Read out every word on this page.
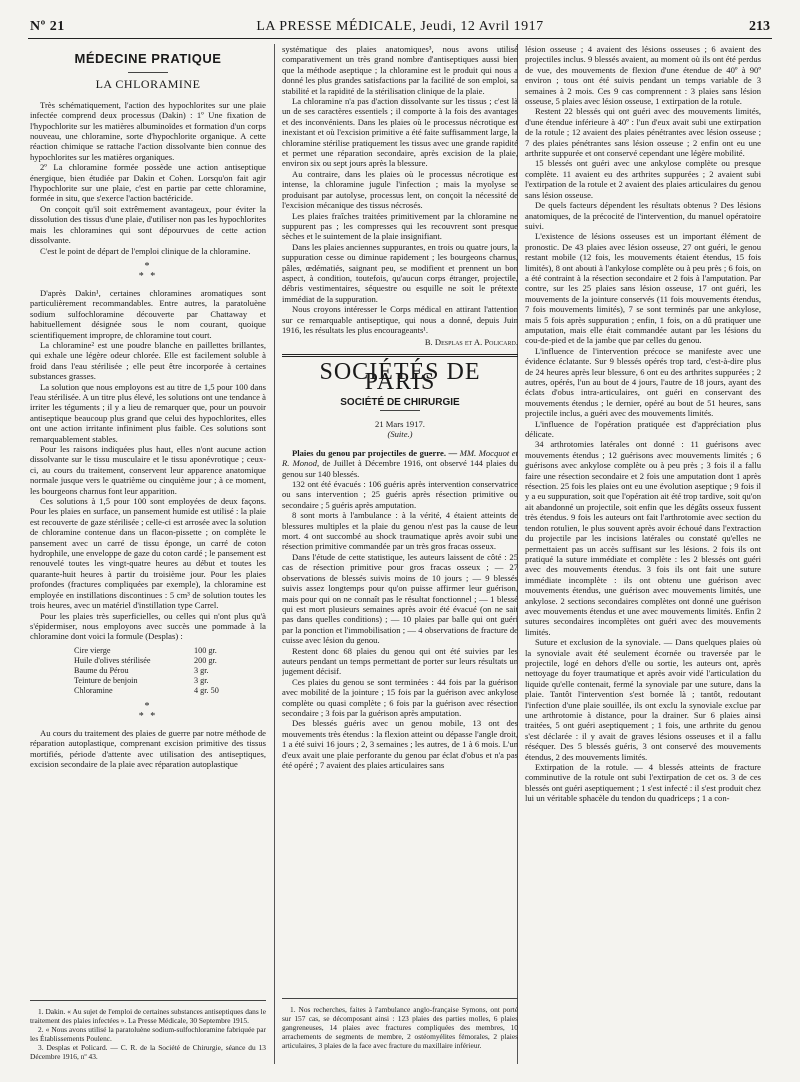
Nº 21	LA PRESSE MÉDICALE, Jeudi, 12 Avril 1917	213
MÉDECINE PRATIQUE
LA CHLORAMINE

Très schématiquement, l'action des hypochlorites sur une plaie infectée comprend deux processus (Dakin) : 1º Une fixation de l'hypochlorite sur les matières albuminoïdes et formation d'un corps nouveau, une chloramine, sorte d'hypochlorite organique. A cette réaction chimique se rattache l'action dissolvante bien connue des hypochlorites sur les matières organiques.

2º La chloramine formée possède une action antiseptique énergique, bien étudiée par Dakin et Cohen. Lorsqu'on fait agir l'hypochlorite sur une plaie, c'est en partie par cette chloramine, formée in situ, que s'exerce l'action bactéricide.

On conçoit qu'il soit extrêmement avantageux, pour éviter la dissolution des tissus d'une plaie, d'utiliser non pas les hypochlorites mais les chloramines qui sont dépourvues de cette action dissolvante.

C'est le point de départ de l'emploi clinique de la chloramine.

*
* *

D'après Dakin¹, certaines chloramines aromatiques sont particulièrement recommandables. Entre autres, la paratoluène sodium sulfochloramine découverte par Chattaway et habituellement désignée sous le nom courant, quoique scientifiquement impropre, de chloramine tout court.

La chloramine² est une poudre blanche en paillettes brillantes, qui exhale une légère odeur chlorée. Elle est facilement soluble à froid dans l'eau stérilisée ; elle peut être incorporée à certaines substances grasses.

La solution que nous employons est au titre de 1,5 pour 100 dans l'eau stérilisée. A un titre plus élevé, les solutions ont une tendance à irriter les téguments ; il y a lieu de remarquer que, pour un pouvoir antiseptique beaucoup plus grand que celui des hypochlorites, elles ont une action irritante infiniment plus faible. Ces solutions sont remarquablement stables.

Pour les raisons indiquées plus haut, elles n'ont aucune action dissolvante sur le tissu musculaire et le tissu aponévrotique ; ceux-ci, au cours du traitement, conservent leur apparence anatomique normale jusque vers le quatrième ou cinquième jour ; à ce moment, les bourgeons charnus font leur apparition.

Ces solutions à 1,5 pour 100 sont employées de deux façons. Pour les plaies en surface, un pansement humide est utilisé : la plaie est recouverte de gaze stérilisée ; celle-ci est arrosée avec la solution de chloramine contenue dans un flacon-pissette ; on complète le pansement avec un carré de tissu éponge, un carré de coton hydrophile, une enveloppe de gaze du coton cardé ; le pansement est renouvelé toutes les vingt-quatre heures au début et toutes les quarante-huit heures à partir du troisième jour. Pour les plaies profondes (fractures compliquées par exemple), la chloramine est employée en instillations discontinues : 5 cm³ de solution toutes les trois heures, avec un matériel d'instillation type Carrel.

Pour les plaies très superficielles, ou celles qui n'ont plus qu'à s'épidermiser, nous employons avec succès une pommade à la chloramine dont voici la formule (Desplas) :

Cire vierge	100 gr.
Huile d'olives stérilisée	200 gr.
Baume du Pérou	3 gr.
Teinture de benjoin	3 gr.
Chloramine	4 gr. 50
*
* *

Au cours du traitement des plaies de guerre par notre méthode de réparation autoplastique, comprenant excision primitive des tissus mortifiés, période d'attente avec utilisation des antiseptiques, excision secondaire de la plaie avec réparation autoplastique

1. Dakin. « Au sujet de l'emploi de certaines substances antiseptiques dans le traitement des plaies infectées ». La Presse Médicale, 30 Septembre 1915.
2. « Nous avons utilisé la paratoluène sodium-sulfochloramine fabriquée par les Établissements Poulenc.
3. Desplas et Policard. — C. R. de la Société de Chirurgie, séance du 13 Décembre 1916, nº 43.

systématique des plaies anatomiques³, nous avons utilisé comparativement un très grand nombre d'antiseptiques aussi bien que la méthode aseptique ; la chloramine est le produit qui nous a donné les plus grandes satisfactions par la facilité de son emploi, sa stabilité et la rapidité de la stérilisation clinique de la plaie.

La chloramine n'a pas d'action dissolvante sur les tissus ; c'est là un de ses caractères essentiels ; il comporte à la fois des avantages et des inconvénients. Dans les plaies où le processus nécrotique est inexistant et où l'excision primitive a été faite suffisamment large, la chloramine stérilise pratiquement les tissus avec une grande rapidité et permet une réparation secondaire, après excision de la plaie, environ six ou sept jours après la blessure.

Au contraire, dans les plaies où le processus nécrotique est intense, la chloramine jugule l'infection ; mais la myolyse se produisant par autolyse, processus lent, on conçoit la nécessité de l'excision mécanique des tissus nécrosés.

Les plaies fraîches traitées primitivement par la chloramine ne suppurent pas ; les compresses qui les recouvrent sont presque sèches et le suintement de la plaie insignifiant.

Dans les plaies anciennes suppurantes, en trois ou quatre jours, la suppuration cesse ou diminue rapidement ; les bourgeons charnus, pâles, œdématiés, saignant peu, se modifient et prennent un bon aspect, à condition, toutefois, qu'aucun corps étranger, projectile, débris vestimentaires, séquestre ou esquille ne soit le prétexte immédiat de la suppuration.

Nous croyons intéresser le Corps médical en attirant l'attention sur ce remarquable antiseptique, qui nous a donné, depuis Juin 1916, les résultats les plus encourageants¹.

B. Desplas et A. Policard.
SOCIÉTÉS DE PARIS
SOCIÉTÉ DE CHIRURGIE
21 Mars 1917.
(Suite.)

Plaies du genou par projectiles de guerre. — MM. Mocquot et R. Monod, de Juillet à Décembre 1916, ont observé 144 plaies du genou sur 140 blessés.

132 ont été évacués : 106 guéris après intervention conservatrice ou sans intervention ; 25 guéris après résection primitive ou secondaire ; 5 guéris après amputation.

8 sont morts à l'ambulance : à la vérité, 4 étaient atteints de blessures multiples et la plaie du genou n'est pas la cause de leur mort. 4 ont succombé au shock traumatique après avoir subi une résection primitive commandée par un très gros fracas osseux.

Dans l'étude de cette statistique, les auteurs laissent de côté : 25 cas de résection primitive pour gros fracas osseux ; — 27 observations de blessés suivis moins de 10 jours ; — 9 blessés suivis assez longtemps pour qu'on puisse affirmer leur guérison, mais pour qui on ne connaît pas le résultat fonctionnel ; — 1 blessé qui est mort plusieurs semaines après avoir été évacué (on ne sait pas dans quelles conditions) ; — 10 plaies par balle qui ont guéri par la ponction et l'immobilisation ; — 4 observations de fracture de cuisse avec lésion du genou.

Restent donc 68 plaies du genou qui ont été suivies par les auteurs pendant un temps permettant de porter sur leurs résultats un jugement décisif.

Ces plaies du genou se sont terminées : 44 fois par la guérison avec mobilité de la jointure ; 15 fois par la guérison avec ankylose complète ou quasi complète ; 6 fois par la guérison avec résection secondaire ; 3 fois par la guérison après amputation.

Des blessés guéris avec un genou mobile, 13 ont des mouvements très étendus : la flexion atteint ou dépasse l'angle droit, 1 a été suivi 16 jours ; 2, 3 semaines ; les autres, de 1 à 6 mois. L'un d'eux avait une plaie perforante du genou par éclat d'obus et n'a pas été opéré ; 7 avaient des plaies articulaires sans

1. Nos recherches, faites à l'ambulance anglo-française Symons, ont porté sur 157 cas, se décomposant ainsi : 123 plaies des parties molles, 6 plaies gangreneuses, 14 plaies avec fractures compliquées des membres, 10 arrachements de segments de membre, 2 ostéomyélites fémorales, 2 plaies articulaires, 3 plaies de la face avec fracture du maxillaire inférieur.

lésion osseuse ; 4 avaient des lésions osseuses ; 6 avaient des projectiles inclus. 9 blessés avaient, au moment où ils ont été perdus de vue, des mouvements de flexion d'une étendue de 40º à 90º environ ; tous ont été suivis pendant un temps variable de 3 semaines à 2 mois. Ces 9 cas comprennent : 3 plaies sans lésion osseuse, 5 plaies avec lésion osseuse, 1 extirpation de la rotule.

Restent 22 blessés qui ont guéri avec des mouvements limités, d'une étendue inférieure à 40º : l'un d'eux avait subi une extirpation de la rotule ; 12 avaient des plaies pénétrantes avec lésion osseuse ; 7 des plaies pénétrantes sans lésion osseuse ; 2 enfin ont eu une arthrite suppurée et ont conservé cependant une légère mobilité.

15 blessés ont guéri avec une ankylose complète ou presque complète. 11 avaient eu des arthrites suppurées ; 2 avaient subi l'extirpation de la rotule et 2 avaient des plaies articulaires du genou sans lésion osseuse.

De quels facteurs dépendent les résultats obtenus ? Des lésions anatomiques, de la précocité de l'intervention, du manuel opératoire suivi.

L'existence de lésions osseuses est un important élément de pronostic. De 43 plaies avec lésion osseuse, 27 ont guéri, le genou restant mobile (12 fois, les mouvements étaient étendus, 15 fois limités), 8 ont abouti à l'ankylose complète ou à peu près ; 6 fois, on a été contraint à la résection secondaire et 2 fois à l'amputation. Par contre, sur les 25 plaies sans lésion osseuse, 17 ont guéri, les mouvements de la jointure conservés (11 fois mouvements étendus, 7 fois mouvements limités), 7 se sont terminés par une ankylose, mais 5 fois après suppuration ; enfin, 1 fois, on a dû pratiquer une amputation, mais elle était commandée autant par les lésions du cou-de-pied et de la jambe que par celles du genou.

L'influence de l'intervention précoce se manifeste avec une évidence éclatante. Sur 9 blessés opérés trop tard, c'est-à-dire plus de 24 heures après leur blessure, 6 ont eu des arthrites suppurées ; 2 autres, opérés, l'un au bout de 4 jours, l'autre de 18 jours, ayant des éclats d'obus intra-articulaires, ont guéri en conservant des mouvements étendus ; le dernier, opéré au bout de 51 heures, sans projectile inclus, a guéri avec des mouvements limités.

L'influence de l'opération pratiquée est d'appréciation plus délicate.

34 arthrotomies latérales ont donné : 11 guérisons avec mouvements étendus ; 12 guérisons avec mouvements limités ; 6 guérisons avec ankylose complète ou à peu près ; 3 fois il a fallu faire une résection secondaire et 2 fois une amputation dont 1 après résection. 25 fois les plaies ont eu une évolution aseptique ; 9 fois il y a eu suppuration, soit que l'opération ait été trop tardive, soit qu'on ait abandonné un projectile, soit enfin que les dégâts osseux fussent très étendus. 9 fois les auteurs ont fait l'arthrotomie avec section du tendon rotulien, le plus souvent après avoir échoué dans l'extraction du projectile par les incisions latérales ou constaté qu'elles ne permettaient pas un accès suffisant sur les lésions. 2 fois ils ont pratiqué la suture immédiate et complète : les 2 blessés ont guéri avec des mouvements étendus. 3 fois ils ont fait une suture immédiate incomplète : ils ont obtenu une guérison avec mouvements étendus, une guérison avec mouvements limités, une ankylose. 2 sections secondaires complètes ont donné une guérison avec mouvements étendus et une avec mouvements limités. Enfin 2 sutures secondaires incomplètes ont guéri avec des mouvements limités.

Suture et exclusion de la synoviale. — Dans quelques plaies où la synoviale avait été seulement écornée ou traversée par le projectile, logé en dehors d'elle ou sortie, les auteurs ont, après nettoyage du foyer traumatique et après avoir vidé l'articulation du liquide qu'elle contenait, fermé la synoviale par une suture, dans la plaie. Tantôt l'intervention s'est bornée là ; tantôt, redoutant l'infection d'une plaie souillée, ils ont exclu la synoviale exclue par une arthrotomie à distance, pour la drainer. Sur 6 plaies ainsi traitées, 5 ont guéri aseptiquement ; 1 fois, une arthrite du genou s'est déclarée : il y avait de graves lésions osseuses et il a fallu réséquer. Des 5 blessés guéris, 3 ont conservé des mouvements étendus, 2 des mouvements limités.

Extirpation de la rotule. — 4 blessés atteints de fracture comminutive de la rotule ont subi l'extirpation de cet os. 3 de ces blessés ont guéri aseptiquement ; 1 s'est infecté : il s'est produit chez lui un véritable sphacèle du tendon du quadriceps ; 1 a con-
